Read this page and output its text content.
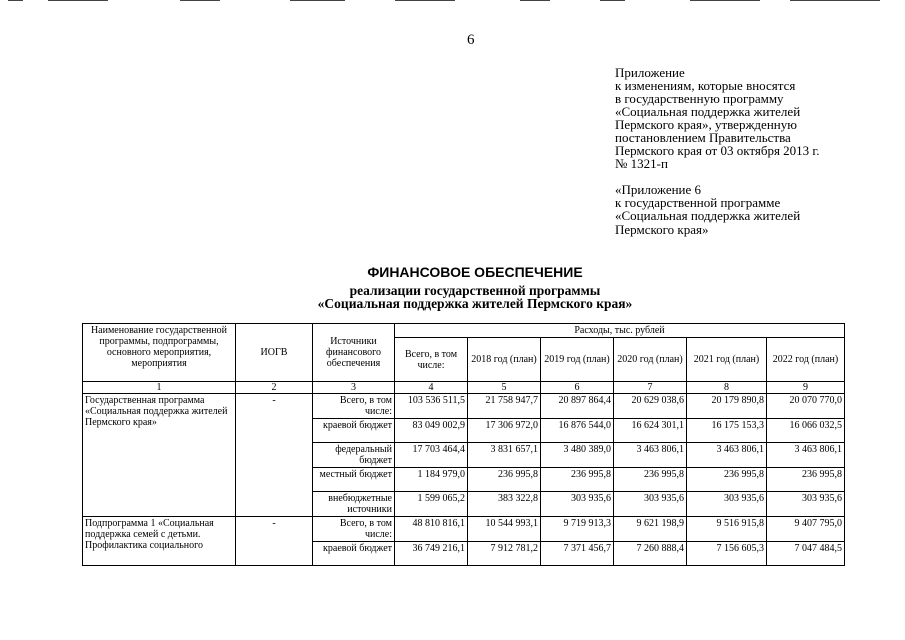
6
Приложение
к изменениям, которые вносятся
в государственную программу
«Социальная поддержка жителей
Пермского края», утвержденную
постановлением Правительства
Пермского края от 03 октября 2013 г.
№ 1321-п
«Приложение 6
к государственной программе
«Социальная поддержка жителей
Пермского края»
ФИНАНСОВОЕ ОБЕСПЕЧЕНИЕ
реализации государственной программы
«Социальная поддержка жителей Пермского края»
Наименование государственной программы, подпрограммы, основного мероприятия, мероприятия	ИОГВ	Источники финансового обеспечения	Расходы, тыс. рублей					
			Всего, в том числе:	2018 год (план)	2019 год (план)	2020 год (план)	2021 год (план)	2022 год (план)
1	2	3	4	5	6	7	8	9
Государственная программа «Социальная поддержка жителей Пермского края»	-	Всего, в том числе:	103 536 511,5	21 758 947,7	20 897 864,4	20 629 038,6	20 179 890,8	20 070 770,0
		краевой бюджет	83 049 002,9	17 306 972,0	16 876 544,0	16 624 301,1	16 175 153,3	16 066 032,5
		федеральный бюджет	17 703 464,4	3 831 657,1	3 480 389,0	3 463 806,1	3 463 806,1	3 463 806,1
		местный бюджет	1 184 979,0	236 995,8	236 995,8	236 995,8	236 995,8	236 995,8
		внебюджетные источники	1 599 065,2	383 322,8	303 935,6	303 935,6	303 935,6	303 935,6
Подпрограмма 1 «Социальная поддержка семей с детьми. Профилактика социального	-	Всего, в том числе:	48 810 816,1	10 544 993,1	9 719 913,3	9 621 198,9	9 516 915,8	9 407 795,0
		краевой бюджет	36 749 216,1	7 912 781,2	7 371 456,7	7 260 888,4	7 156 605,3	7 047 484,5
